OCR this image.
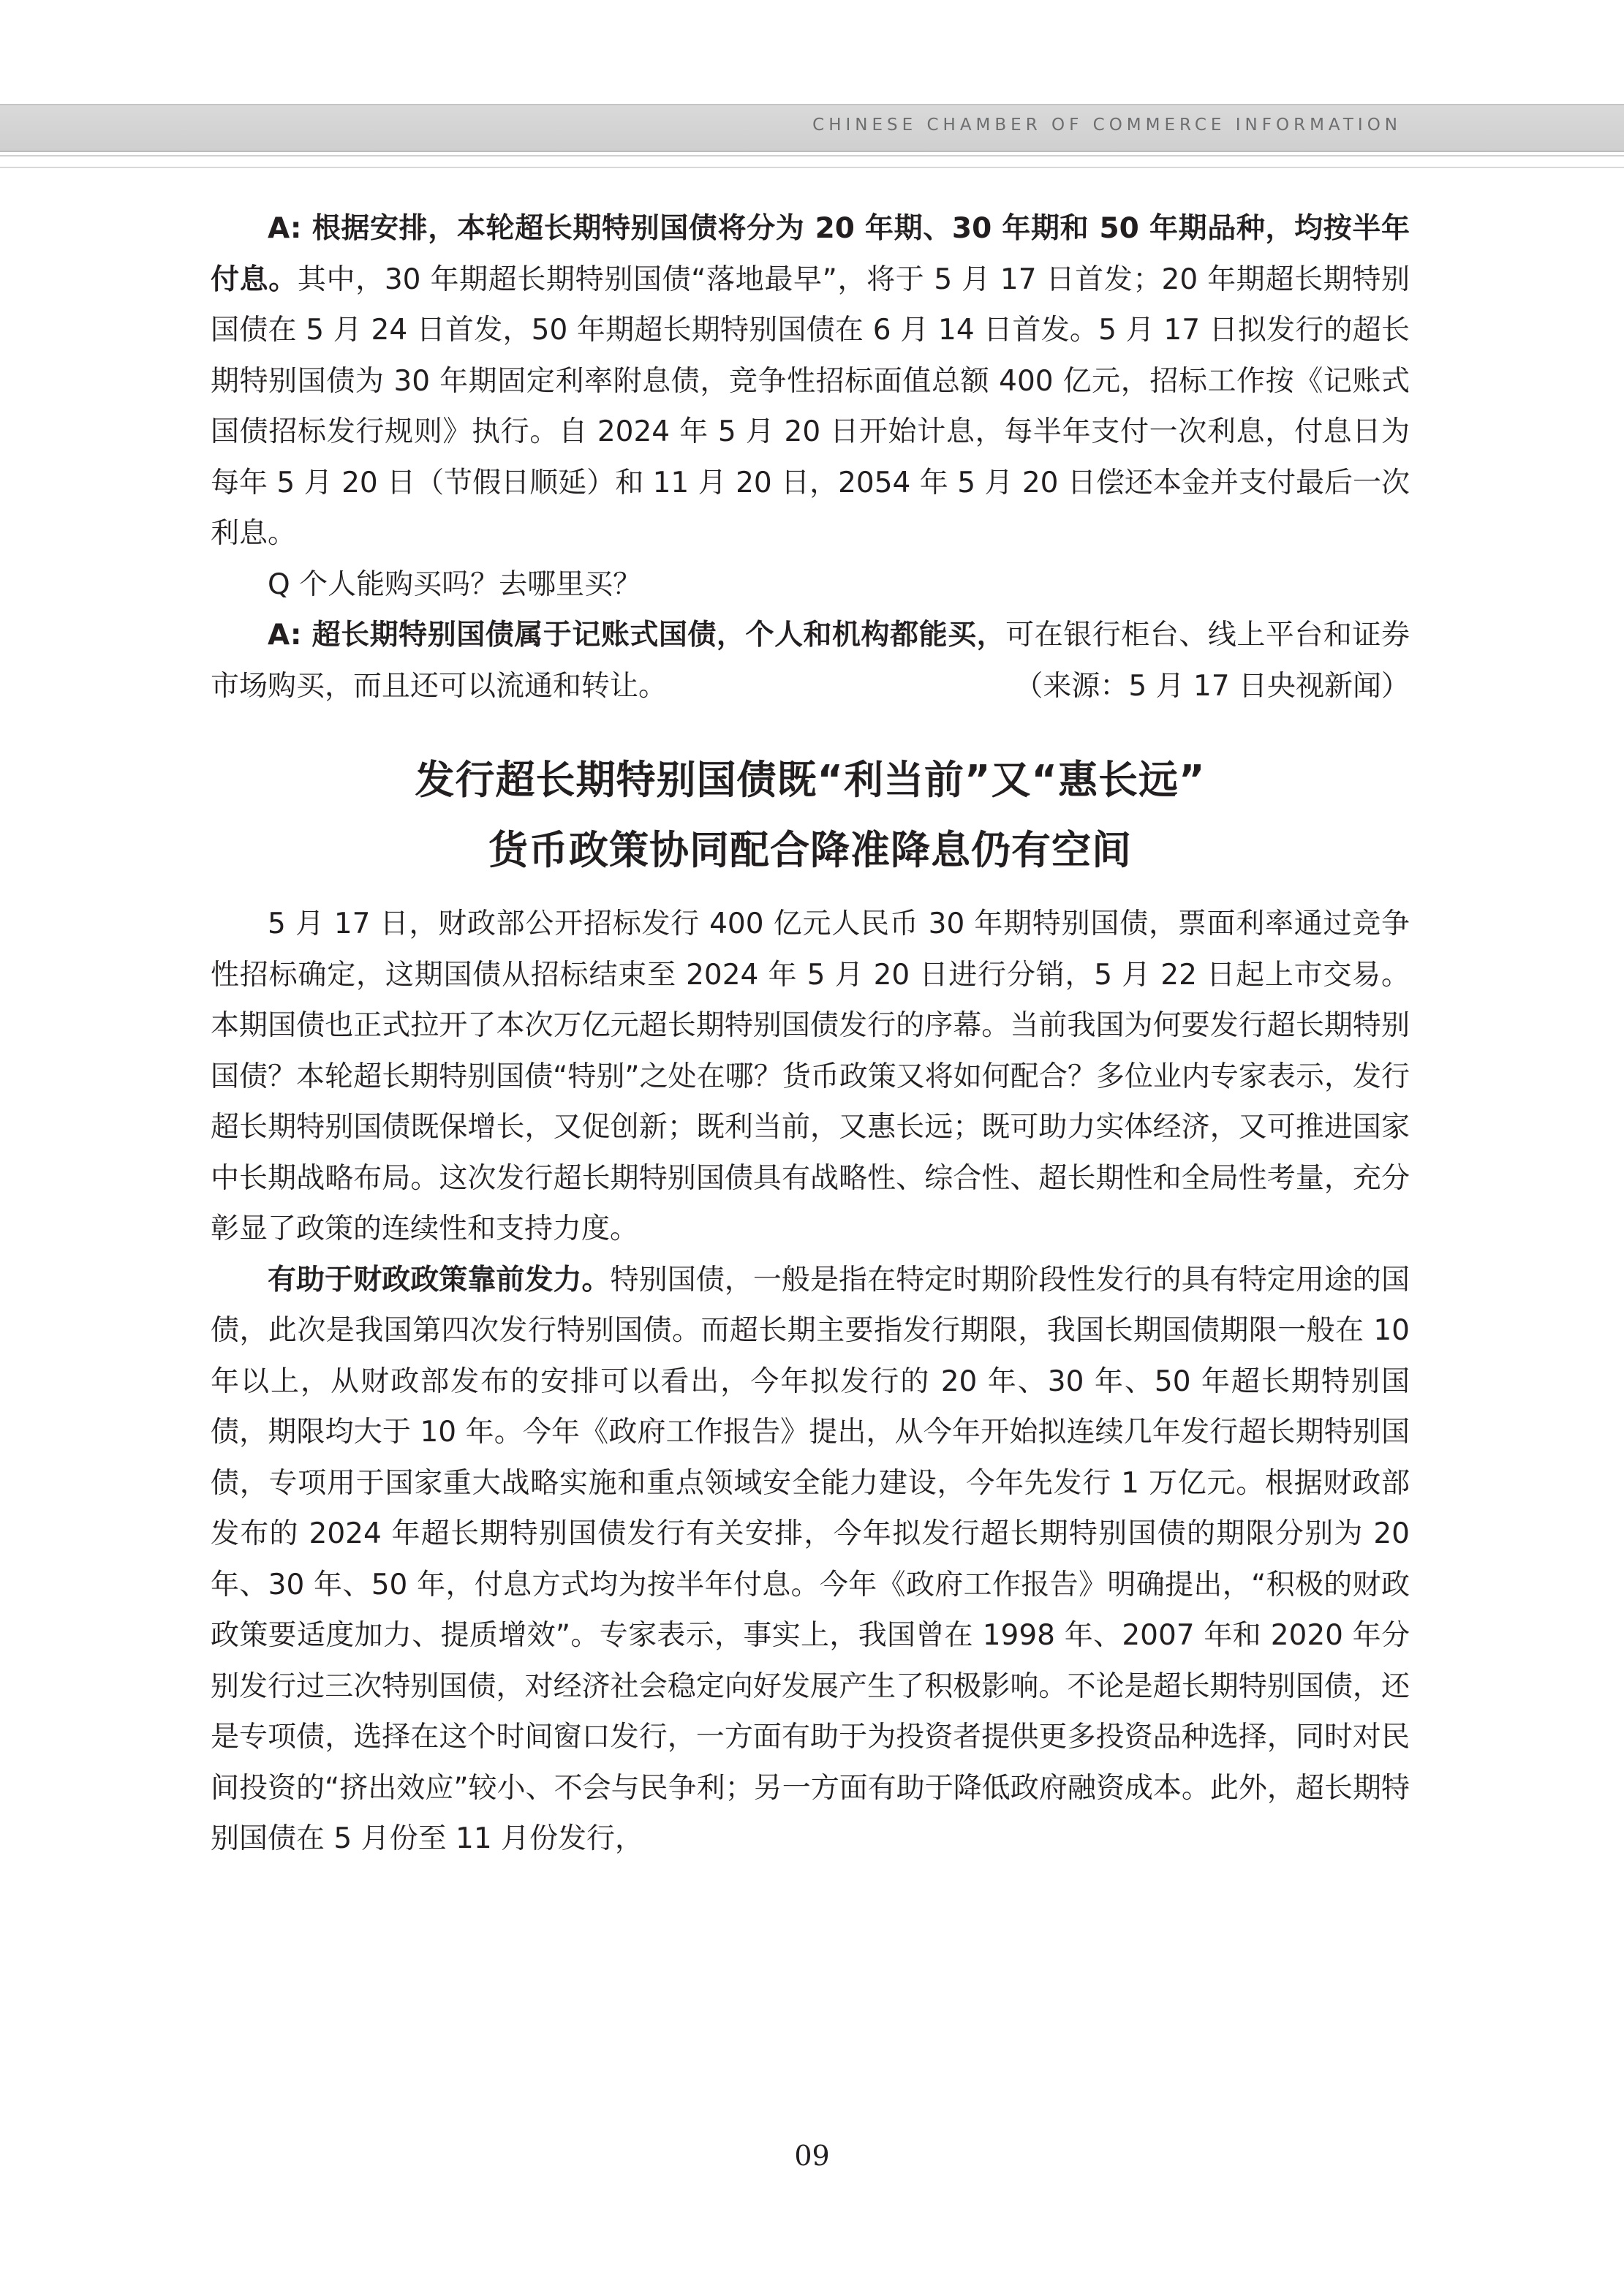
CHINESE CHAMBER OF COMMERCE INFORMATION

A: 根据安排，本轮超长期特别国债将分为 20 年期、30 年期和 50 年期品种，均按半年付息。其中，30 年期超长期特别国债“落地最早”，将于 5 月 17 日首发；20 年期超长期特别国债在 5 月 24 日首发，50 年期超长期特别国债在 6 月 14 日首发。5 月 17 日拟发行的超长期特别国债为 30 年期固定利率附息债，竞争性招标面值总额 400 亿元，招标工作按《记账式国债招标发行规则》执行。自 2024 年 5 月 20 日开始计息，每半年支付一次利息，付息日为每年 5 月 20 日（节假日顺延）和 11 月 20 日，2054 年 5 月 20 日偿还本金并支付最后一次利息。

Q 个人能购买吗？去哪里买？

A: 超长期特别国债属于记账式国债，个人和机构都能买，可在银行柜台、线上平台和证券市场购买，而且还可以流通和转让。	（来源：5 月 17 日央视新闻）

发行超长期特别国债既“利当前”又“惠长远”
货币政策协同配合降准降息仍有空间

5 月 17 日，财政部公开招标发行 400 亿元人民币 30 年期特别国债，票面利率通过竞争性招标确定，这期国债从招标结束至 2024 年 5 月 20 日进行分销，5 月 22 日起上市交易。本期国债也正式拉开了本次万亿元超长期特别国债发行的序幕。当前我国为何要发行超长期特别国债？本轮超长期特别国债“特别”之处在哪？货币政策又将如何配合？多位业内专家表示，发行超长期特别国债既保增长，又促创新；既利当前，又惠长远；既可助力实体经济，又可推进国家中长期战略布局。这次发行超长期特别国债具有战略性、综合性、超长期性和全局性考量，充分彰显了政策的连续性和支持力度。

有助于财政政策靠前发力。特别国债，一般是指在特定时期阶段性发行的具有特定用途的国债，此次是我国第四次发行特别国债。而超长期主要指发行期限，我国长期国债期限一般在 10 年以上，从财政部发布的安排可以看出，今年拟发行的 20 年、30 年、50 年超长期特别国债，期限均大于 10 年。今年《政府工作报告》提出，从今年开始拟连续几年发行超长期特别国债，专项用于国家重大战略实施和重点领域安全能力建设，今年先发行 1 万亿元。根据财政部发布的 2024 年超长期特别国债发行有关安排，今年拟发行超长期特别国债的期限分别为 20 年、30 年、50 年，付息方式均为按半年付息。今年《政府工作报告》明确提出，“积极的财政政策要适度加力、提质增效”。专家表示，事实上，我国曾在 1998 年、2007 年和 2020 年分别发行过三次特别国债，对经济社会稳定向好发展产生了积极影响。不论是超长期特别国债，还是专项债，选择在这个时间窗口发行，一方面有助于为投资者提供更多投资品种选择，同时对民间投资的“挤出效应”较小、不会与民争利；另一方面有助于降低政府融资成本。此外，超长期特别国债在 5 月份至 11 月份发行，

09
